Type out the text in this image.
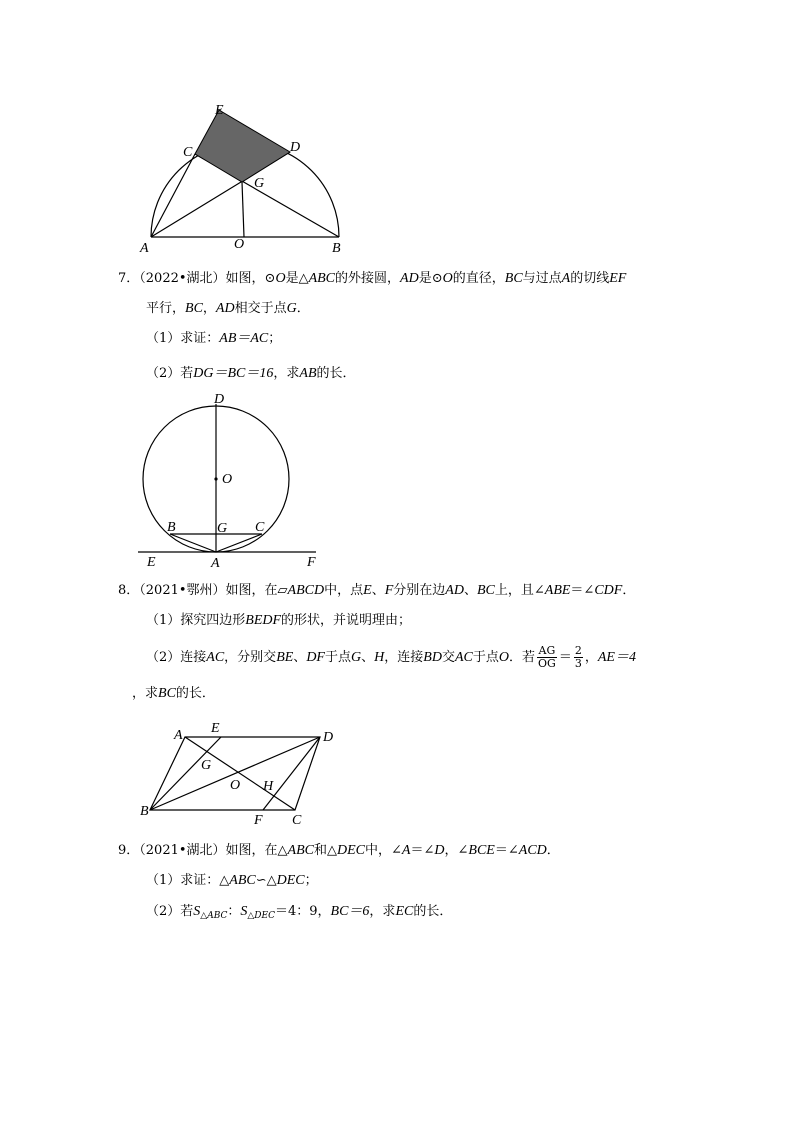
E
C	D
G
A	O	B
7．（2022•湖北）如图，⊙O是△ABC的外接圆，AD是⊙O的直径，BC与过点A的切线EF
平行，BC，AD相交于点G．
（1）求证：AB＝AC；
（2）若DG＝BC＝16，求AB的长．
D
O
B	G C
E	A	F
8．（2021•鄂州）如图，在▱ABCD中，点E、F分别在边AD、BC上，且∠ABE＝∠CDF．
（1）探究四边形BEDF的形状，并说明理由；
（2）连接AC，分别交BE、DF于点G、H，连接BD交AC于点O．若 $\frac{AG}{OG} = \frac{2}{3}$ ，AE＝4
，求BC的长．
A E
D
G
O H
B
F C
9．（2021•湖北）如图，在△ABC和△DEC中，∠A＝∠D，∠BCE＝∠ACD．
（1）求证：△ABC∽△DEC；
（2）若$S_{\triangle ABC}$：$S_{\triangle DEC}=4$：9，BC＝6，求EC的长．
